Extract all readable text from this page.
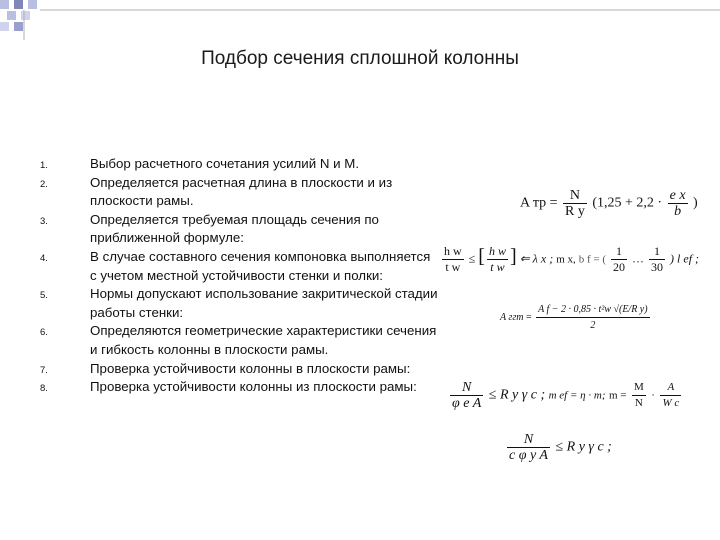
Подбор сечения сплошной колонны
1.	Выбор расчетного сочетания усилий N и M.
2.	Определяется расчетная длина в плоскости и из плоскости рамы.
3.	Определяется требуемая площадь сечения по приближенной формуле:
4.	В случае составного сечения компоновка выполняется с учетом местной устойчивости стенки и полки:
5.	Нормы допускают использование закритической стадии работы стенки:
6.	Определяются геометрические характеристики сечения и гибкость колонны в плоскости рамы.
7.	Проверка устойчивости колонны в плоскости рамы:
8.	Проверка устойчивости колонны из плоскости рамы:
A тр = $\frac{N}{\text{R y}} (1,25 + 2,2 \cdot \frac{\text{e x}}{b}$ )
$\frac{\text{h w}}{\text{t w}}$ ≤ [ $\frac{\text{h w}}{\text{t w}}$ ] ⇐ λ x ; m x, b f = ( $\frac{1}{20}$ … $\frac{1}{30}$ ) l ef ;
A ггт = $\frac{\text{A f − 2 · 0,85 · t²w √(E/R y)}}{2}$
$\frac{N}{\text{φ e A}} \le R$ y γ c ; m ef = η · m; $m = \frac{M}{N} \cdot \frac{A}{\text{W c}}$
$\frac{N}{\text{c φ y A}} \le R$ y γ c ;
